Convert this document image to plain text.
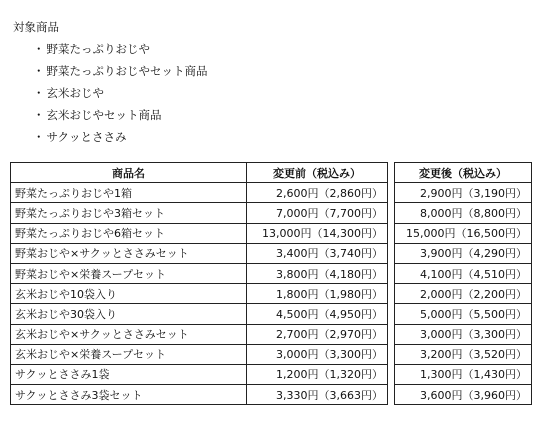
対象商品

・ 野菜たっぷりおじや
・ 野菜たっぷりおじやセット商品
・ 玄米おじや
・ 玄米おじやセット商品
・ サクッとささみ
商品名	変更前（税込み）		変更後（税込み）
野菜たっぷりおじや1箱	2,600円（2,860円）		2,900円（3,190円）
野菜たっぷりおじや3箱セット	7,000円（7,700円）		8,000円（8,800円）
野菜たっぷりおじや6箱セット	13,000円（14,300円）		15,000円（16,500円）
野菜おじや×サクッとささみセット	3,400円（3,740円）		3,900円（4,290円）
野菜おじや×栄養スープセット	3,800円（4,180円）		4,100円（4,510円）
玄米おじや10袋入り	1,800円（1,980円）		2,000円（2,200円）
玄米おじや30袋入り	4,500円（4,950円）		5,000円（5,500円）
玄米おじや×サクッとささみセット	2,700円（2,970円）		3,000円（3,300円）
玄米おじや×栄養スープセット	3,000円（3,300円）		3,200円（3,520円）
サクッとささみ1袋	1,200円（1,320円）		1,300円（1,430円）
サクッとささみ3袋セット	3,330円（3,663円）		3,600円（3,960円）
